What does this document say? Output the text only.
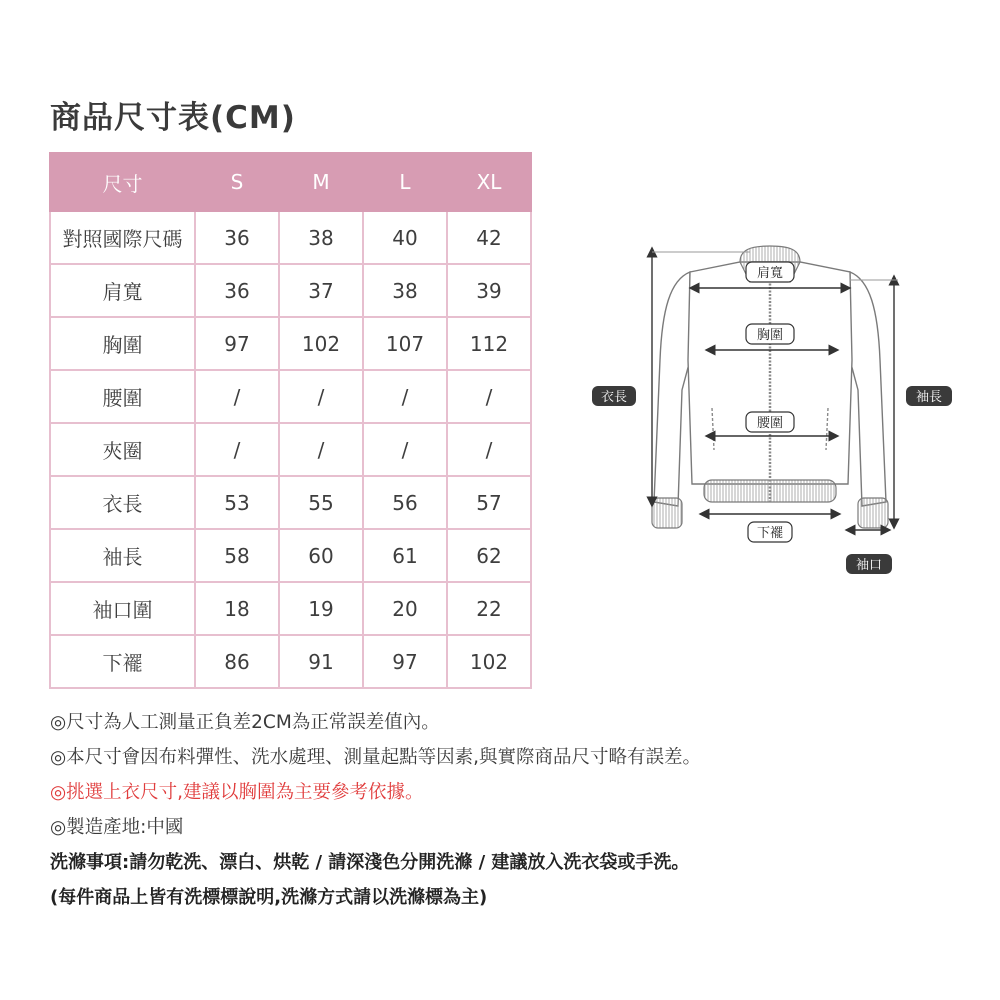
商品尺寸表(CM)
尺寸	S	M	L	XL
對照國際尺碼	36	38	40	42
肩寬	36	37	38	39
胸圍	97	102	107	112
腰圍	/	/	/	/
夾圈	/	/	/	/
衣長	53	55	56	57
袖長	58	60	61	62
袖口圍	18	19	20	22
下襬	86	91	97	102
肩寬
胸圍
腰圍
衣長	袖長
下襬
袖口
◎尺寸為人工測量正負差2CM為正常誤差值內。
◎本尺寸會因布料彈性、洗水處理、測量起點等因素,與實際商品尺寸略有誤差。
◎挑選上衣尺寸,建議以胸圍為主要參考依據。
◎製造產地:中國
洗滌事項:請勿乾洗、漂白、烘乾 / 請深淺色分開洗滌 / 建議放入洗衣袋或手洗。
(每件商品上皆有洗標標說明,洗滌方式請以洗滌標為主)
